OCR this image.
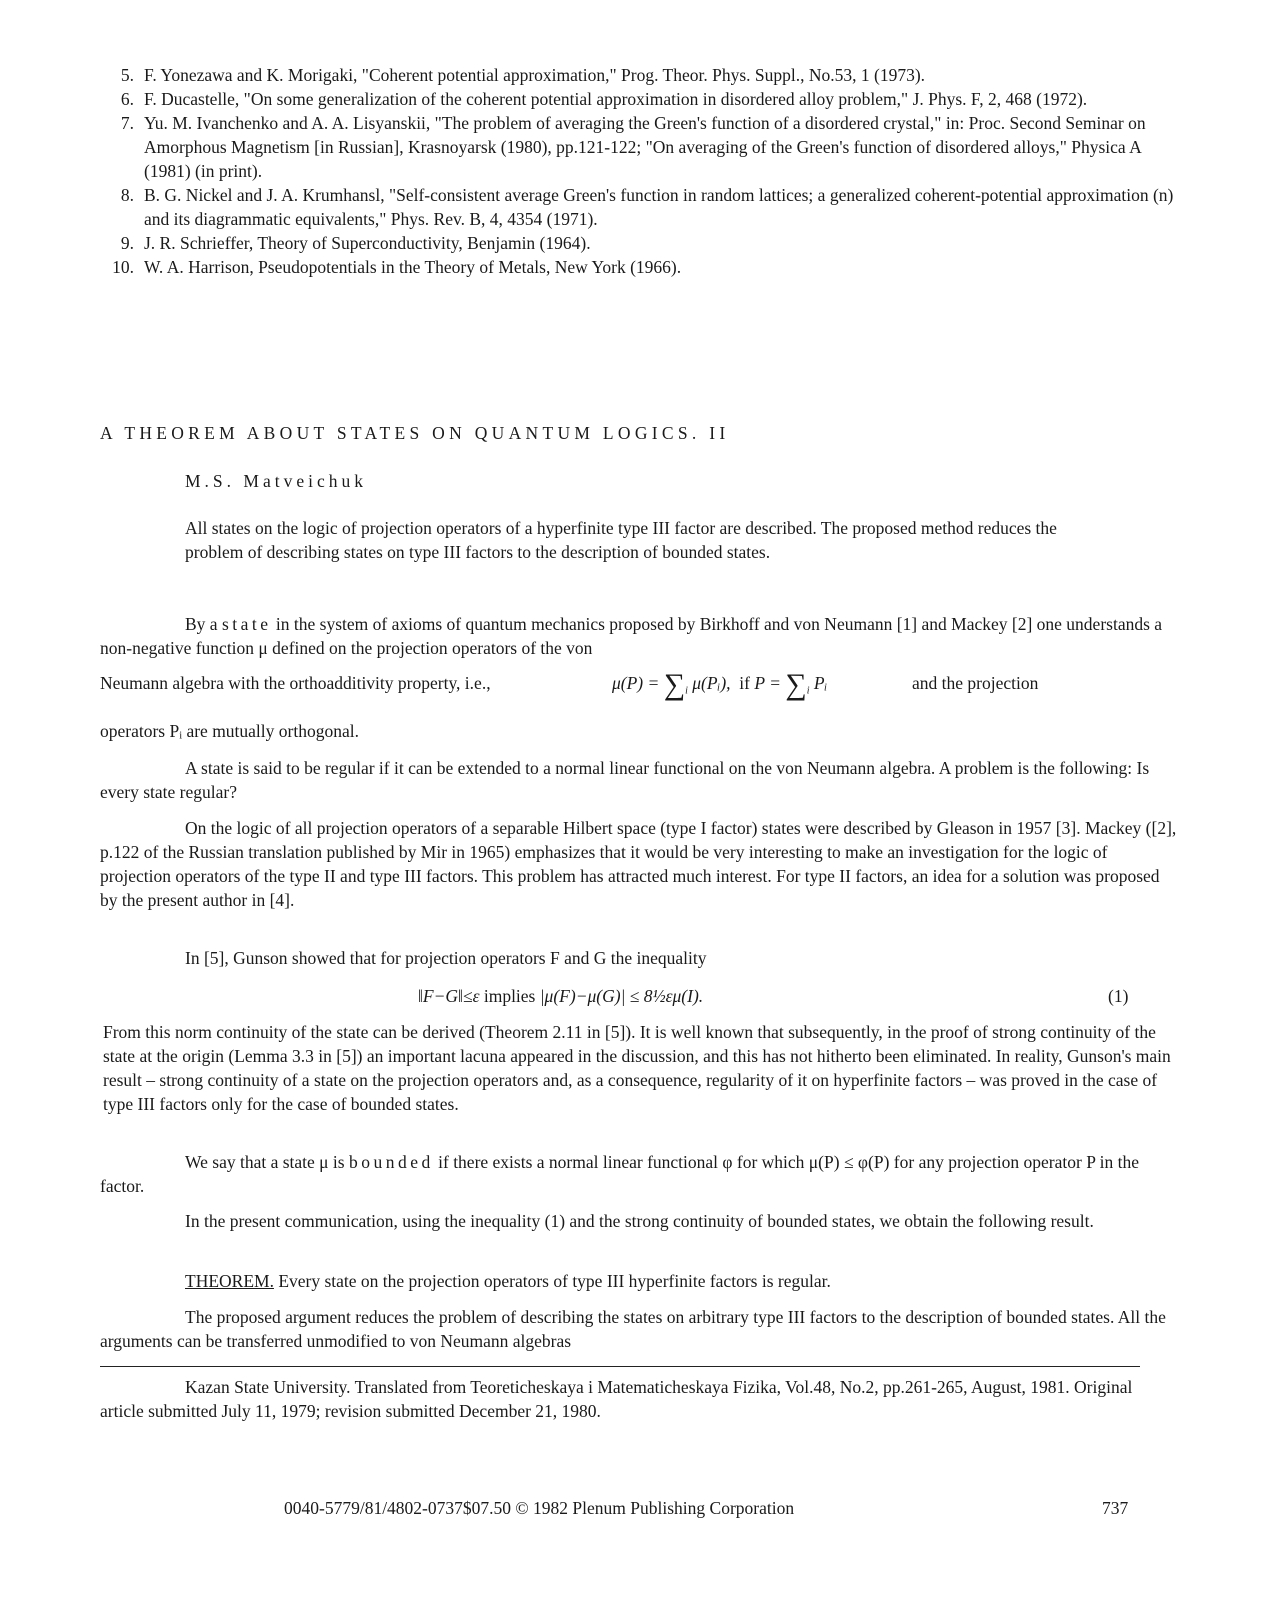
5. F. Yonezawa and K. Morigaki, "Coherent potential approximation," Prog. Theor. Phys. Suppl., No.53, 1 (1973).
6. F. Ducastelle, "On some generalization of the coherent potential approximation in disordered alloy problem," J. Phys. F, 2, 468 (1972).
7. Yu. M. Ivanchenko and A. A. Lisyanskii, "The problem of averaging the Green's function of a disordered crystal," in: Proc. Second Seminar on Amorphous Magnetism [in Russian], Krasnoyarsk (1980), pp.121-122; "On averaging of the Green's function of disordered alloys," Physica A (1981) (in print).
8. B. G. Nickel and J. A. Krumhansl, "Self-consistent average Green's function in random lattices; a generalized coherent-potential approximation (n) and its diagrammatic equivalents," Phys. Rev. B, 4, 4354 (1971).
9. J. R. Schrieffer, Theory of Superconductivity, Benjamin (1964).
10. W. A. Harrison, Pseudopotentials in the Theory of Metals, New York (1966).
A THEOREM ABOUT STATES ON QUANTUM LOGICS. II
M.S. Matveichuk
All states on the logic of projection operators of a hyperfinite type III factor are described. The proposed method reduces the problem of describing states on type III factors to the description of bounded states.
By a state in the system of axioms of quantum mechanics proposed by Birkhoff and von Neumann [1] and Mackey [2] one understands a non-negative function μ defined on the projection operators of the von
Neumann algebra with the orthoadditivity property, i.e.,	$\mu(P) = \sum_i$ μ(Pᵢ), if $P = \sum_i$ Pᵢ	and the projection
operators Pᵢ are mutually orthogonal.
A state is said to be regular if it can be extended to a normal linear functional on the von Neumann algebra. A problem is the following: Is every state regular?
On the logic of all projection operators of a separable Hilbert space (type I factor) states were described by Gleason in 1957 [3]. Mackey ([2], p.122 of the Russian translation published by Mir in 1965) emphasizes that it would be very interesting to make an investigation for the logic of projection operators of the type II and type III factors. This problem has attracted much interest. For type II factors, an idea for a solution was proposed by the present author in [4].
In [5], Gunson showed that for projection operators F and G the inequality
‖F−G‖≤ε implies |μ(F)−μ(G)| ≤ 8½εμ(I).	(1)
From this norm continuity of the state can be derived (Theorem 2.11 in [5]). It is well known that subsequently, in the proof of strong continuity of the state at the origin (Lemma 3.3 in [5]) an important lacuna appeared in the discussion, and this has not hitherto been eliminated. In reality, Gunson's main result – strong continuity of a state on the projection operators and, as a consequence, regularity of it on hyperfinite factors – was proved in the case of type III factors only for the case of bounded states.
We say that a state μ is bounded if there exists a normal linear functional φ for which μ(P) ≤ φ(P) for any projection operator P in the factor.
In the present communication, using the inequality (1) and the strong continuity of bounded states, we obtain the following result.
THEOREM. Every state on the projection operators of type III hyperfinite factors is regular.
The proposed argument reduces the problem of describing the states on arbitrary type III factors to the description of bounded states. All the arguments can be transferred unmodified to von Neumann algebras
Kazan State University. Translated from Teoreticheskaya i Matematicheskaya Fizika, Vol.48, No.2, pp.261-265, August, 1981. Original article submitted July 11, 1979; revision submitted December 21, 1980.
0040-5779/81/4802-0737$07.50 © 1982 Plenum Publishing Corporation	737
